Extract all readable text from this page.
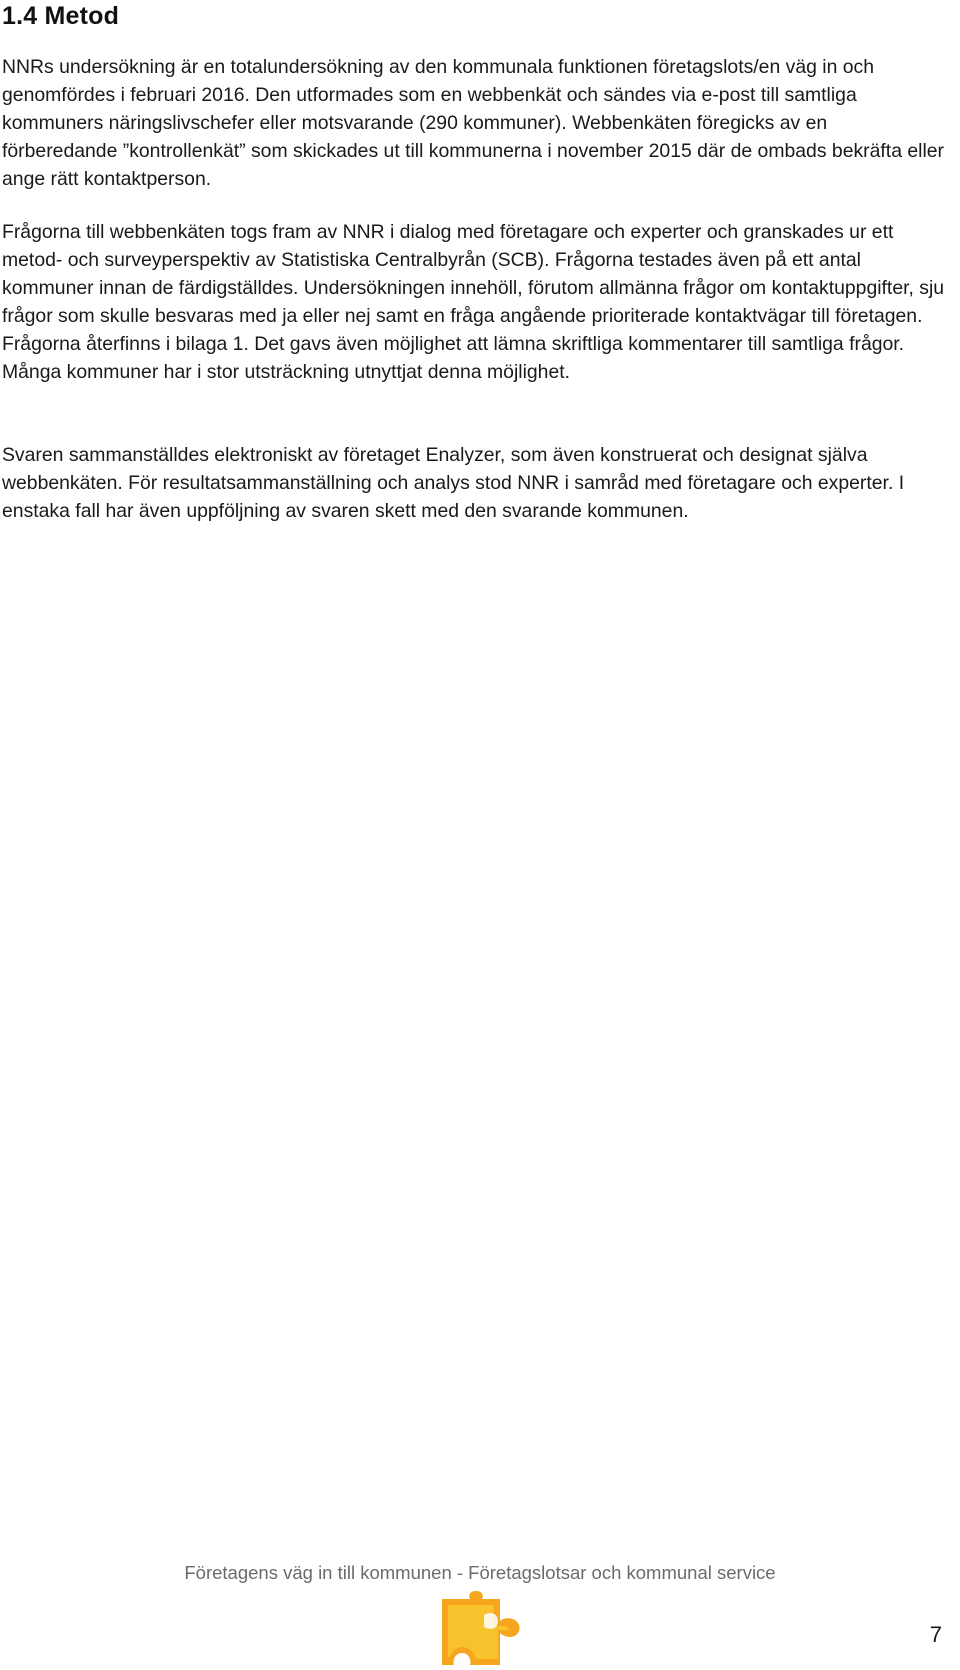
1.4 Metod

NNRs undersökning är en totalundersökning av den kommunala funktionen företagslots/en väg in och genomfördes i februari 2016. Den utformades som en webbenkät och sändes via e-post till samtliga kommuners näringslivschefer eller motsvarande (290 kommuner). Webbenkäten föregicks av en förberedande ”kontrollenkät” som skickades ut till kommunerna i november 2015 där de ombads bekräfta eller ange rätt kontaktperson.

Frågorna till webbenkäten togs fram av NNR i dialog med företagare och experter och granskades ur ett metod- och surveyperspektiv av Statistiska Centralbyrån (SCB). Frågorna testades även på ett antal kommuner innan de färdigställdes. Undersökningen innehöll, förutom allmänna frågor om kontaktuppgifter, sju frågor som skulle besvaras med ja eller nej samt en fråga angående prioriterade kontaktvägar till företagen. Frågorna återfinns i bilaga 1. Det gavs även möjlighet att lämna skriftliga kommentarer till samtliga frågor. Många kommuner har i stor utsträckning utnyttjat denna möjlighet.

Svaren sammanställdes elektroniskt av företaget Enalyzer, som även konstruerat och designat själva webbenkäten. För resultatsammanställning och analys stod NNR i samråd med företagare och experter. I enstaka fall har även uppföljning av svaren skett med den svarande kommunen.

Företagens väg in till kommunen - Företagslotsar och kommunal service
7
